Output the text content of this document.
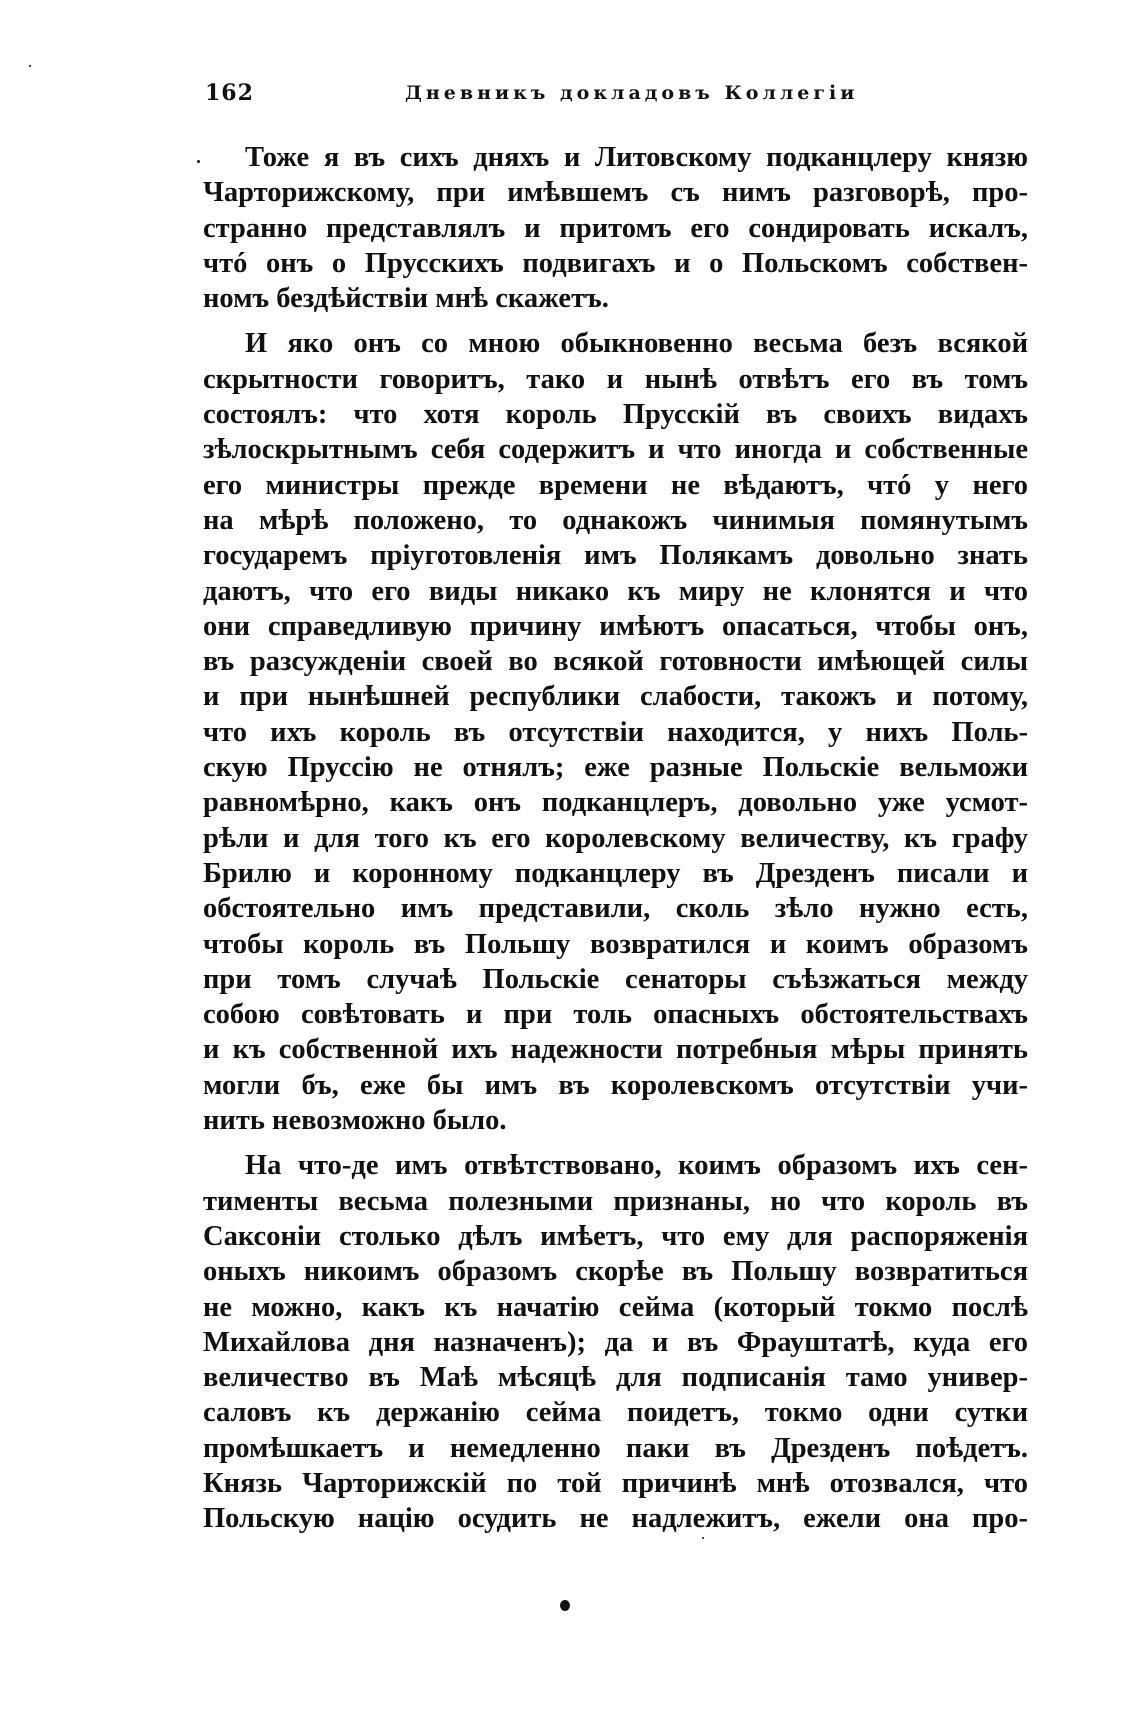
162	Дневникъ докладовъ Коллегіи
Тоже я въ сихъ дняхъ и Литовскому подканцлеру князю
Чарторижскому, при имѣвшемъ съ нимъ разговорѣ, про-
странно представлялъ и притомъ его сондировать искалъ,
чтó онъ о Прусскихъ подвигахъ и о Польскомъ собствен-
номъ бездѣйствіи мнѣ скажетъ.
И яко онъ со мною обыкновенно весьма безъ всякой
скрытности говоритъ, тако и нынѣ отвѣтъ его въ томъ
состоялъ: что хотя король Прусскій въ своихъ видахъ
зѣлоскрытнымъ себя содержитъ и что иногда и собственные
его министры прежде времени не вѣдаютъ, чтó у него
на мѣрѣ положено, то однакожъ чинимыя помянутымъ
государемъ пріуготовленія имъ Полякамъ довольно знать
даютъ, что его виды никако къ миру не клонятся и что
они справедливую причину имѣютъ опасаться, чтобы онъ,
въ разсужденіи своей во всякой готовности имѣющей силы
и при нынѣшней республики слабости, такожъ и потому,
что ихъ король въ отсутствіи находится, у нихъ Поль-
скую Пруссію не отнялъ; еже разные Польскіе вельможи
равномѣрно, какъ онъ подканцлеръ, довольно уже усмот-
рѣли и для того къ его королевскому величеству, къ графу
Брилю и коронному подканцлеру въ Дрезденъ писали и
обстоятельно имъ представили, сколь зѣло нужно есть,
чтобы король въ Польшу возвратился и коимъ образомъ
при томъ случаѣ Польскіе сенаторы съѣзжаться между
собою совѣтовать и при толь опасныхъ обстоятельствахъ
и къ собственной ихъ надежности потребныя мѣры принять
могли бъ, еже бы имъ въ королевскомъ отсутствіи учи-
нить невозможно было.
На что-де имъ отвѣтствовано, коимъ образомъ ихъ сен-
тименты весьма полезными признаны, но что король въ
Саксоніи столько дѣлъ имѣетъ, что ему для распоряженія
оныхъ никоимъ образомъ скорѣе въ Польшу возвратиться
не можно, какъ къ начатію сейма (который токмо послѣ
Михайлова дня назначенъ); да и въ Фрауштатѣ, куда его
величество въ Маѣ мѣсяцѣ для подписанія тамо универ-
саловъ къ держанію сейма поидетъ, токмо одни сутки
промѣшкаетъ и немедленно паки въ Дрезденъ поѣдетъ.
Князь Чарторижскій по той причинѣ мнѣ отозвался, что
Польскую націю осудить не надлежитъ, ежели она про-
